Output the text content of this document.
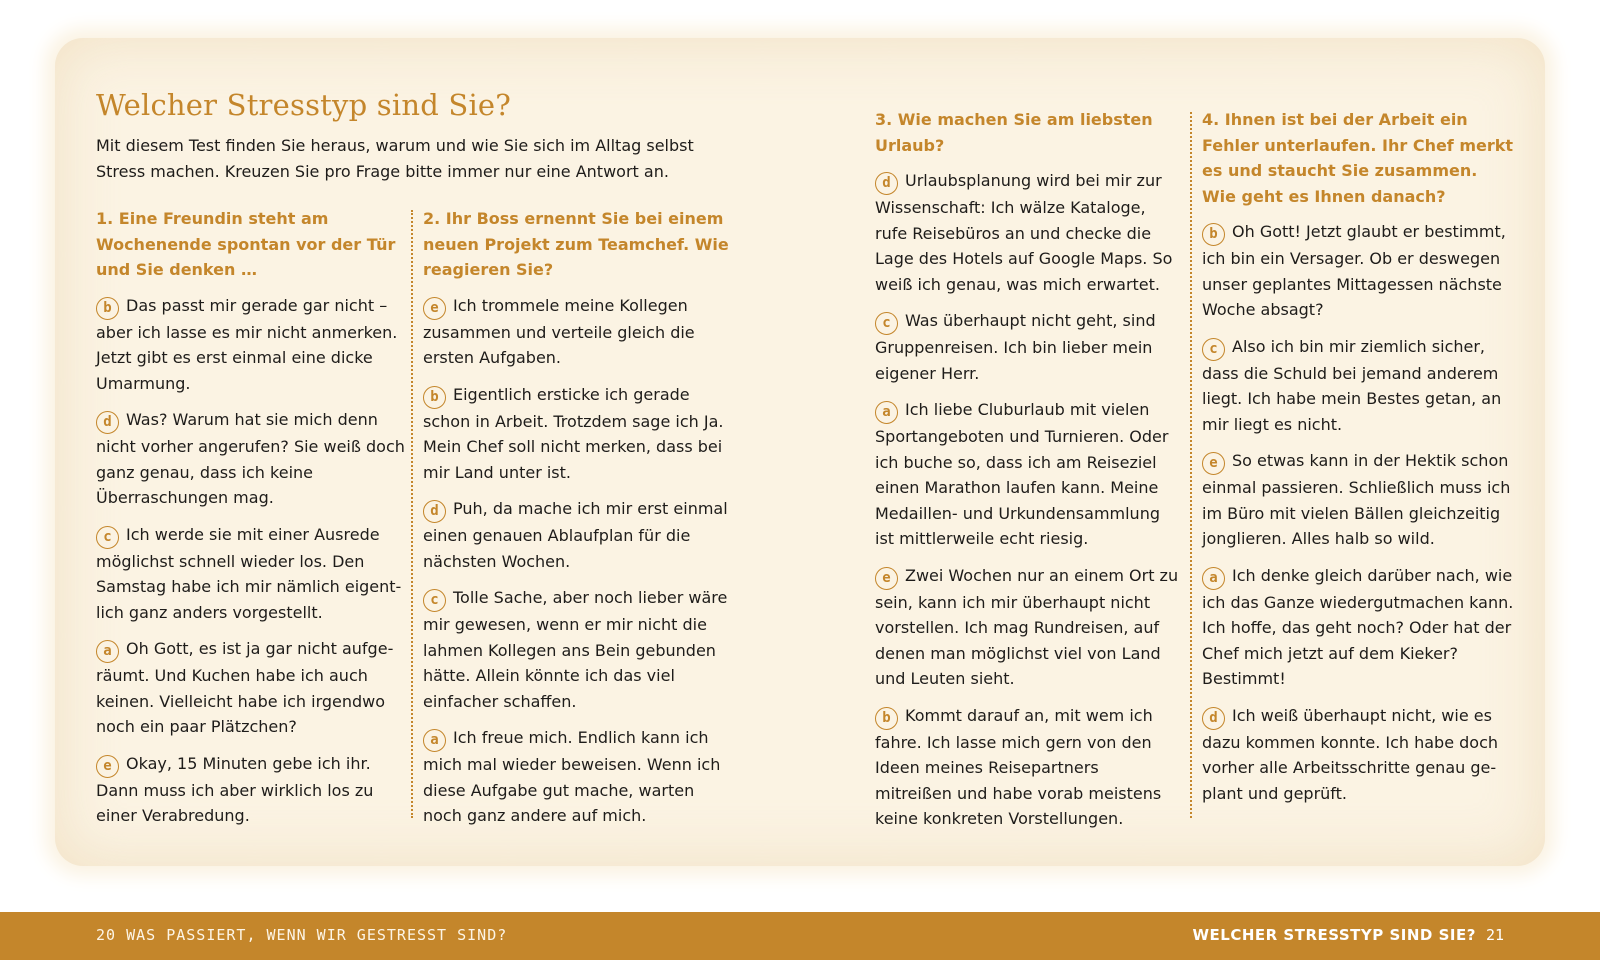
Welcher Stresstyp sind Sie?

Mit diesem Test finden Sie heraus, warum und wie Sie sich im Alltag selbst Stress machen. Kreuzen Sie pro Frage bitte immer nur eine Antwort an.

1. Eine Freundin steht am Wochenende spontan vor der Tür und Sie denken …

b Das passt mir gerade gar nicht – aber ich lasse es mir nicht anmerken. Jetzt gibt es erst einmal eine dicke Umarmung.

d Was? Warum hat sie mich denn nicht vorher angerufen? Sie weiß doch ganz genau, dass ich keine Überraschungen mag.

c Ich werde sie mit einer Ausrede möglichst schnell wieder los. Den Samstag habe ich mir nämlich eigentlich ganz anders vorgestellt.

a Oh Gott, es ist ja gar nicht aufgeräumt. Und Kuchen habe ich auch keinen. Vielleicht habe ich irgendwo noch ein paar Plätzchen?

e Okay, 15 Minuten gebe ich ihr. Dann muss ich aber wirklich los zu einer Verabredung.

2. Ihr Boss ernennt Sie bei einem neuen Projekt zum Teamchef. Wie reagieren Sie?

e Ich trommele meine Kollegen zusammen und verteile gleich die ersten Aufgaben.

b Eigentlich ersticke ich gerade schon in Arbeit. Trotzdem sage ich Ja. Mein Chef soll nicht merken, dass bei mir Land unter ist.

d Puh, da mache ich mir erst einmal einen genauen Ablaufplan für die nächsten Wochen.

c Tolle Sache, aber noch lieber wäre mir gewesen, wenn er mir nicht die lahmen Kollegen ans Bein gebunden hätte. Allein könnte ich das viel einfacher schaffen.

a Ich freue mich. Endlich kann ich mich mal wieder beweisen. Wenn ich diese Aufgabe gut mache, warten noch ganz andere auf mich.

3. Wie machen Sie am liebsten Urlaub?

d Urlaubsplanung wird bei mir zur Wissenschaft: Ich wälze Kataloge, rufe Reisebüros an und checke die Lage des Hotels auf Google Maps. So weiß ich genau, was mich erwartet.

c Was überhaupt nicht geht, sind Gruppenreisen. Ich bin lieber mein eigener Herr.

a Ich liebe Cluburlaub mit vielen Sportangeboten und Turnieren. Oder ich buche so, dass ich am Reiseziel einen Marathon laufen kann. Meine Medaillen- und Urkundensammlung ist mittlerweile echt riesig.

e Zwei Wochen nur an einem Ort zu sein, kann ich mir überhaupt nicht vorstellen. Ich mag Rundreisen, auf denen man möglichst viel von Land und Leuten sieht.

b Kommt darauf an, mit wem ich fahre. Ich lasse mich gern von den Ideen meines Reisepartners mitreißen und habe vorab meistens keine konkreten Vorstellungen.

4. Ihnen ist bei der Arbeit ein Fehler unterlaufen. Ihr Chef merkt es und staucht Sie zusammen. Wie geht es Ihnen danach?

b Oh Gott! Jetzt glaubt er bestimmt, ich bin ein Versager. Ob er deswegen unser geplantes Mittagessen nächste Woche absagt?

c Also ich bin mir ziemlich sicher, dass die Schuld bei jemand anderem liegt. Ich habe mein Bestes getan, an mir liegt es nicht.

e So etwas kann in der Hektik schon einmal passieren. Schließlich muss ich im Büro mit vielen Bällen gleichzeitig jonglieren. Alles halb so wild.

a Ich denke gleich darüber nach, wie ich das Ganze wiedergutmachen kann. Ich hoffe, das geht noch? Oder hat der Chef mich jetzt auf dem Kieker? Bestimmt!

d Ich weiß überhaupt nicht, wie es dazu kommen konnte. Ich habe doch vorher alle Arbeitsschritte genau geplant und geprüft.

20 WAS PASSIERT, WENN WIR GESTRESST SIND?	WELCHER STRESSTYP SIND SIE? 21
